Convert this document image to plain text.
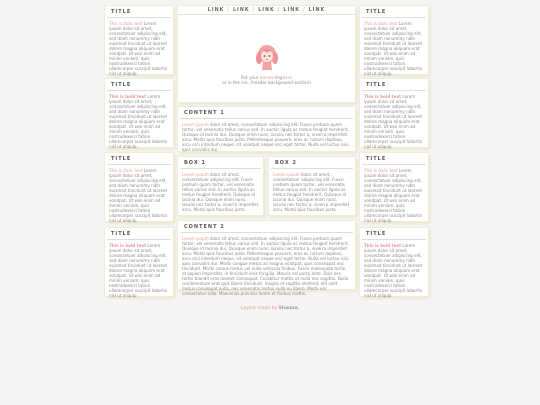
TITLE
This is italic text Lorem ipsum dolor sit amet, consectetuer adipiscing elit, sed diam nonummy nibh euismod tincidunt ut laoreet dolore magna aliquam erat volutpat. Ut wisi enim ad minim veniam, quis nostrudexerci tation ullamcorper suscipit lobortis nisl ut aliquip.
TITLE
This is bold text Lorem ipsum dolor sit amet, consectetuer adipiscing elit, sed diam nonummy nibh euismod tincidunt ut laoreet dolore magna aliquam erat volutpat. Ut wisi enim ad minim veniam, quis nostrudexerci tation ullamcorper suscipit lobortis nisl ut aliquip.
TITLE
This is italic text Lorem ipsum dolor sit amet, consectetuer adipiscing elit, sed diam nonummy nibh euismod tincidunt ut laoreet dolore magna aliquam erat volutpat. Ut wisi enim ad minim veniam, quis nostrudexerci tation ullamcorper suscipit lobortis nisl ut aliquip.
TITLE
This is bold text Lorem ipsum dolor sit amet, consectetuer adipiscing elit, sed diam nonummy nibh euismod tincidunt ut laoreet dolore magna aliquam erat volutpat. Ut wisi enim ad minim veniam, quis nostrudexerci tation ullamcorper suscipit lobortis nisl ut aliquip.
TITLE
This is italic text Lorem ipsum dolor sit amet, consectetuer adipiscing elit, sed diam nonummy nibh euismod tincidunt ut laoreet dolore magna aliquam erat volutpat. Ut wisi enim ad minim veniam, quis nostrudexerci tation ullamcorper suscipit lobortis nisl ut aliquip.
TITLE
This is bold text Lorem ipsum dolor sit amet, consectetuer adipiscing elit, sed diam nonummy nibh euismod tincidunt ut laoreet dolore magna aliquam erat volutpat. Ut wisi enim ad minim veniam, quis nostrudexerci tation ullamcorper suscipit lobortis nisl ut aliquip.
TITLE
This is italic text Lorem ipsum dolor sit amet, consectetuer adipiscing elit, sed diam nonummy nibh euismod tincidunt ut laoreet dolore magna aliquam erat volutpat. Ut wisi enim ad minim veniam, quis nostrudexerci tation ullamcorper suscipit lobortis nisl ut aliquip.
TITLE
This is bold text Lorem ipsum dolor sit amet, consectetuer adipiscing elit, sed diam nonummy nibh euismod tincidunt ut laoreet dolore magna aliquam erat volutpat. Ut wisi enim ad minim veniam, quis nostrudexerci tation ullamcorper suscipit lobortis nisl ut aliquip.
LINK / LINK / LINK / LINK / LINK
Put your bannerimghere
or in the css. (header background section)
CONTENT 1
Lorem ipsum dolor sit amet, consectetuer adipiscing elit. Fusce pretium quam tortor, vel venenatis tellus varius sed. In auctor ligula ac metus feugiat hendrerit. Quisque id lacinia dui. Quisque enim nunc, iaculis nec tortor a, viverra imperdiet arcu. Morbi quis faucibus justo. Pellentesque posuere, eros ac rutrum dapibus, arcu orci interdum neque, sit volutpat neque orci eget tortor. Nulla vel luctus nisi, quis convallis dui.
BOX 1
Lorem ipsum dolor sit amet, consectetuer adipiscing elit. Fusce pretium quam tortor, vel venenatis tellus varius sed. In auctor ligula ac metus feugiat hendrerit. Quisque id lacinia dui. Quisque enim nunc, iaculis nec tortor a, viverra imperdiet arcu. Morbi quis faucibus justo.
BOX 2
Lorem ipsum dolor sit amet, consectetuer adipiscing elit. Fusce pretium quam tortor, vel venenatis tellus varius sed. In auctor ligula ac metus feugiat hendrerit. Quisque id lacinia dui. Quisque enim nunc, iaculis nec tortor a, viverra imperdiet arcu. Morbi quis faucibus justo.
CONTENT 2
Lorem ipsum dolor sit amet, consectetuer adipiscing elit. Fusce pretium quam tortor, vel venenatis tellus varius sed. In auctor ligula ac metus feugiat hendrerit. Quisque id lacinia dui. Quisque enim nunc, iaculis nec tortor a, viverra imperdiet arcu. Morbi quis faucibus justo. Pellentesque posuere, eros ac rutrum dapibus, arcu orci interdum neque, sit volutpat neque orci eget tortor. Nulla vel luctus nisi, quis convallis dui. Morbi congue metus ac magna volutpat, quis consequat nisi tincidunt. Morbi cursus metus vel nulla vehicula finibus. Fusce malesuada tortor et sapien imperdiet, in tincidunt eros fringilla. Mauris vel porta ante. Duis nec tortor blandit eros laoreet consequat. Curabitur mattis ut nulla nec sagittis. Nulla condimentum erat quis libero tincidunt, magna et sagittis eleifend, elit velit metus consequat nulla, nec venenatis metus nulla eu libero. Morbi vel consectetur odio. Maecenas pulvinar lorem et finibus mattis.
Layout made by Shauna.
